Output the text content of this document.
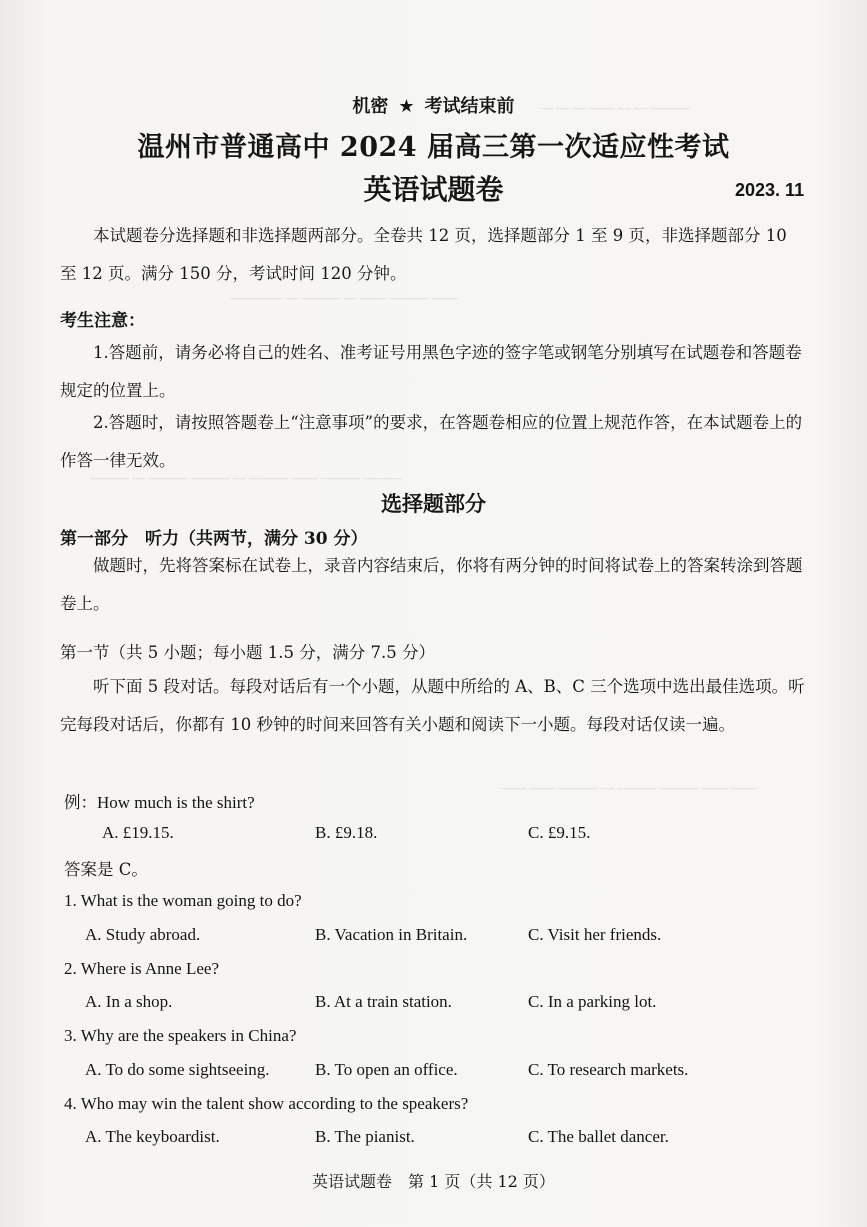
— — — —— — — ———
———— — ——— — —— ——— ——
——— — ——— ——— — ——— —— ——— ———
—— —— ——— — ——— ——— —— ——
机密 ★ 考试结束前
温州市普通高中 2024 届高三第一次适应性考试
英语试题卷	2023. 11

本试题卷分选择题和非选择题两部分。全卷共 12 页，选择题部分 1 至 9 页，非选择题部分 10 至 12 页。满分 150 分，考试时间 120 分钟。

考生注意：

1.答题前，请务必将自己的姓名、准考证号用黑色字迹的签字笔或钢笔分别填写在试题卷和答题卷规定的位置上。

2.答题时，请按照答题卷上“注意事项”的要求，在答题卷相应的位置上规范作答，在本试题卷上的作答一律无效。

选择题部分
第一部分　听力（共两节，满分 30 分）

做题时，先将答案标在试卷上，录音内容结束后，你将有两分钟的时间将试卷上的答案转涂到答题卷上。

第一节（共 5 小题；每小题 1.5 分，满分 7.5 分）

听下面 5 段对话。每段对话后有一个小题，从题中所给的 A、B、C 三个选项中选出最佳选项。听完每段对话后，你都有 10 秒钟的时间来回答有关小题和阅读下一小题。每段对话仅读一遍。

例：How much is the shirt?
A. £19.15.	B. £9.18.	C. £9.15.
答案是 C。
1. What is the woman going to do?
A. Study abroad.	B. Vacation in Britain.	C. Visit her friends.
2. Where is Anne Lee?
A. In a shop.	B. At a train station.	C. In a parking lot.
3. Why are the speakers in China?
A. To do some sightseeing.	B. To open an office.	C. To research markets.
4. Who may win the talent show according to the speakers?
A. The keyboardist.	B. The pianist.	C. The ballet dancer.
英语试题卷　第 1 页（共 12 页）
